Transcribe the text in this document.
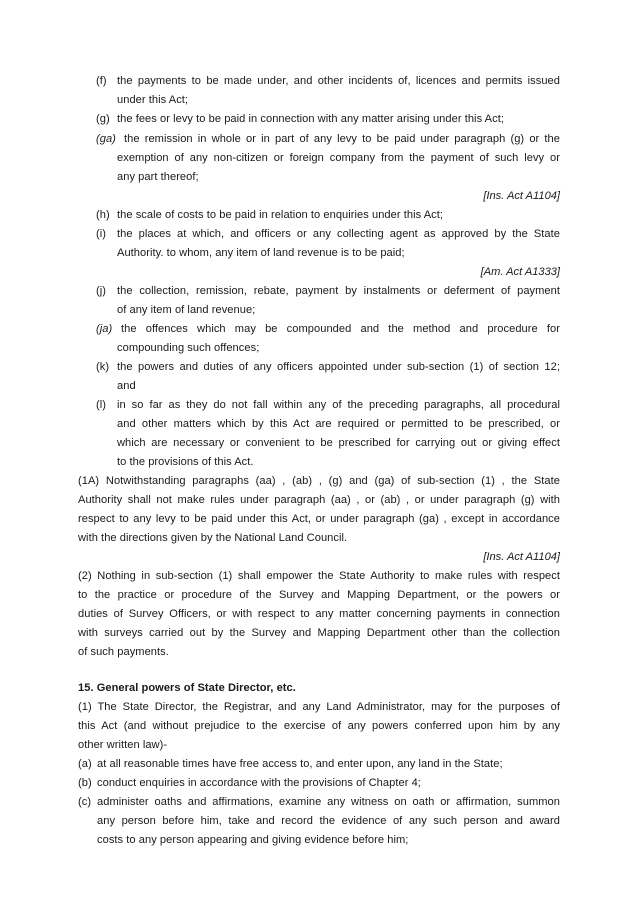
(f) the payments to be made under, and other incidents of, licences and permits issued
under this Act;
(g) the fees or levy to be paid in connection with any matter arising under this Act;
(ga) the remission in whole or in part of any levy to be paid under paragraph (g) or the
exemption of any non-citizen or foreign company from the payment of such levy or
any part thereof;
[Ins. Act A1104]
(h) the scale of costs to be paid in relation to enquiries under this Act;
(i) the places at which, and officers or any collecting agent as approved by the State
Authority. to whom, any item of land revenue is to be paid;
[Am. Act A1333]
(j) the collection, remission, rebate, payment by instalments or deferment of payment
of any item of land revenue;
(ja) the offences which may be compounded and the method and procedure for
compounding such offences;
(k) the powers and duties of any officers appointed under sub-section (1) of section 12;
and
(l) in so far as they do not fall within any of the preceding paragraphs, all procedural
and other matters which by this Act are required or permitted to be prescribed, or
which are necessary or convenient to be prescribed for carrying out or giving effect
to the provisions of this Act.
(1A) Notwithstanding paragraphs (aa) , (ab) , (g) and (ga) of sub-section (1) , the State
Authority shall not make rules under paragraph (aa) , or (ab) , or under paragraph (g) with
respect to any levy to be paid under this Act, or under paragraph (ga) , except in accordance
with the directions given by the National Land Council.
[Ins. Act A1104]
(2) Nothing in sub-section (1) shall empower the State Authority to make rules with respect
to the practice or procedure of the Survey and Mapping Department, or the powers or
duties of Survey Officers, or with respect to any matter concerning payments in connection
with surveys carried out by the Survey and Mapping Department other than the collection
of such payments.
15. General powers of State Director, etc.
(1) The State Director, the Registrar, and any Land Administrator, may for the purposes of
this Act (and without prejudice to the exercise of any powers conferred upon him by any
other written law)-
(a) at all reasonable times have free access to, and enter upon, any land in the State;
(b) conduct enquiries in accordance with the provisions of Chapter 4;
(c) administer oaths and affirmations, examine any witness on oath or affirmation, summon
any person before him, take and record the evidence of any such person and award
costs to any person appearing and giving evidence before him;
